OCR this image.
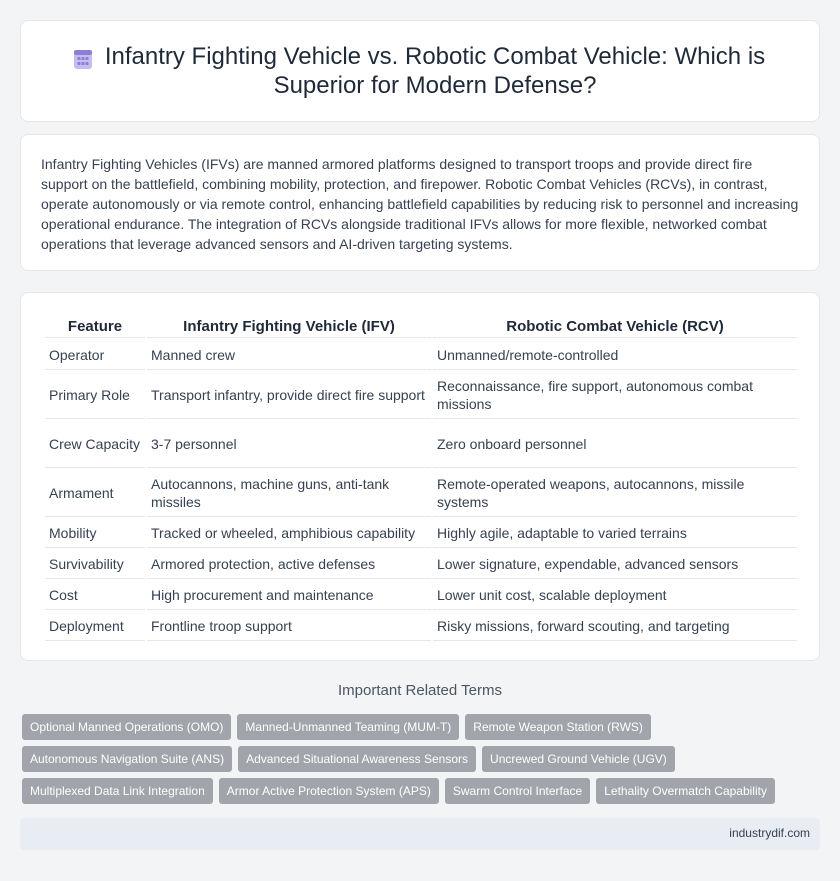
Infantry Fighting Vehicle vs. Robotic Combat Vehicle: Which is Superior for Modern Defense?

Infantry Fighting Vehicles (IFVs) are manned armored platforms designed to transport troops and provide direct fire support on the battlefield, combining mobility, protection, and firepower. Robotic Combat Vehicles (RCVs), in contrast, operate autonomously or via remote control, enhancing battlefield capabilities by reducing risk to personnel and increasing operational endurance. The integration of RCVs alongside traditional IFVs allows for more flexible, networked combat operations that leverage advanced sensors and AI-driven targeting systems.

Feature	Infantry Fighting Vehicle (IFV)	Robotic Combat Vehicle (RCV)
Operator	Manned crew	Unmanned/remote-controlled
Primary Role	Transport infantry, provide direct fire support	Reconnaissance, fire support, autonomous combat missions
Crew Capacity	3-7 personnel	Zero onboard personnel
Armament	Autocannons, machine guns, anti-tank missiles	Remote-operated weapons, autocannons, missile systems
Mobility	Tracked or wheeled, amphibious capability	Highly agile, adaptable to varied terrains
Survivability	Armored protection, active defenses	Lower signature, expendable, advanced sensors
Cost	High procurement and maintenance	Lower unit cost, scalable deployment
Deployment	Frontline troop support	Risky missions, forward scouting, and targeting
Important Related Terms
Optional Manned Operations (OMO)	Manned-Unmanned Teaming (MUM-T)	Remote Weapon Station (RWS)
Autonomous Navigation Suite (ANS)	Advanced Situational Awareness Sensors	Uncrewed Ground Vehicle (UGV)
Multiplexed Data Link Integration	Armor Active Protection System (APS)	Swarm Control Interface	Lethality Overmatch Capability
industrydif.com
